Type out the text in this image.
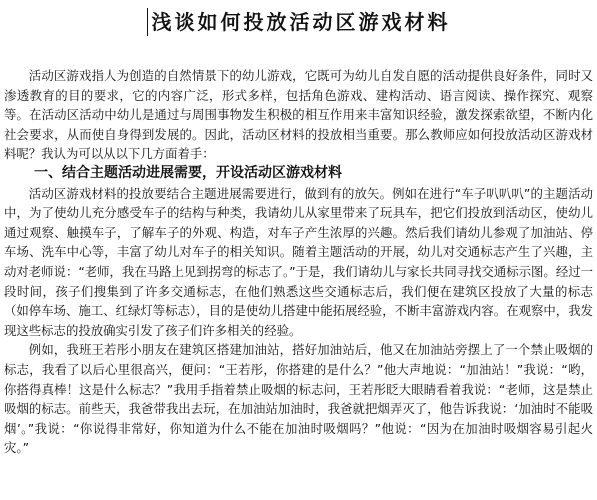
浅谈如何投放活动区游戏材料

活动区游戏指人为创造的自然情景下的幼儿游戏，它既可为幼儿自发自愿的活动提供良好条件，同时又渗透教育的目的要求，它的内容广泛，形式多样，包括角色游戏、建构活动、语言阅读、操作探究、观察等。在活动区活动中幼儿是通过与周围事物发生积极的相互作用来丰富知识经验，激发探索欲望，不断内化社会要求，从而使自身得到发展的。因此，活动区材料的投放相当重要。那么教师应如何投放活动区游戏材料呢？我认为可以从以下几方面着手：

一、结合主题活动进展需要，开设活动区游戏材料

活动区游戏材料的投放要结合主题进展需要进行，做到有的放矢。例如在进行“车子叭叭叭”的主题活动中，为了使幼儿充分感受车子的结构与种类，我请幼儿从家里带来了玩具车，把它们投放到活动区，使幼儿通过观察、触摸车子，了解车子的外观、构造，对车子产生浓厚的兴趣。然后我们请幼儿参观了加油站、停车场、洗车中心等，丰富了幼儿对车子的相关知识。随着主题活动的开展，幼儿对交通标志产生了兴趣，主动对老师说：“老师，我在马路上见到拐弯的标志了。”于是，我们请幼儿与家长共同寻找交通标示图。经过一段时间，孩子们搜集到了许多交通标志，在他们熟悉这些交通标志后，我们便在建筑区投放了大量的标志（如停车场、施工、红绿灯等标志），目的是使幼儿搭建中能拓展经验，不断丰富游戏内容。在观察中，我发现这些标志的投放确实引发了孩子们许多相关的经验。

例如，我班王若彤小朋友在建筑区搭建加油站，搭好加油站后，他又在加油站旁摆上了一个禁止吸烟的标志，我看了以后心里很高兴，便问：“王若彤，你搭建的是什么？”他大声地说：“加油站！”我说：“哟，你搭得真棒！这是什么标志？”我用手指着禁止吸烟的标志问，王若彤眨大眼睛看着我说：“老师，这是禁止吸烟的标志。前些天，我爸带我出去玩，在加油站加油时，我爸就把烟弄灭了，他告诉我说：‘加油时不能吸烟’。”我说：“你说得非常好，你知道为什么不能在加油时吸烟吗？”他说：“因为在加油时吸烟容易引起火灾。”
